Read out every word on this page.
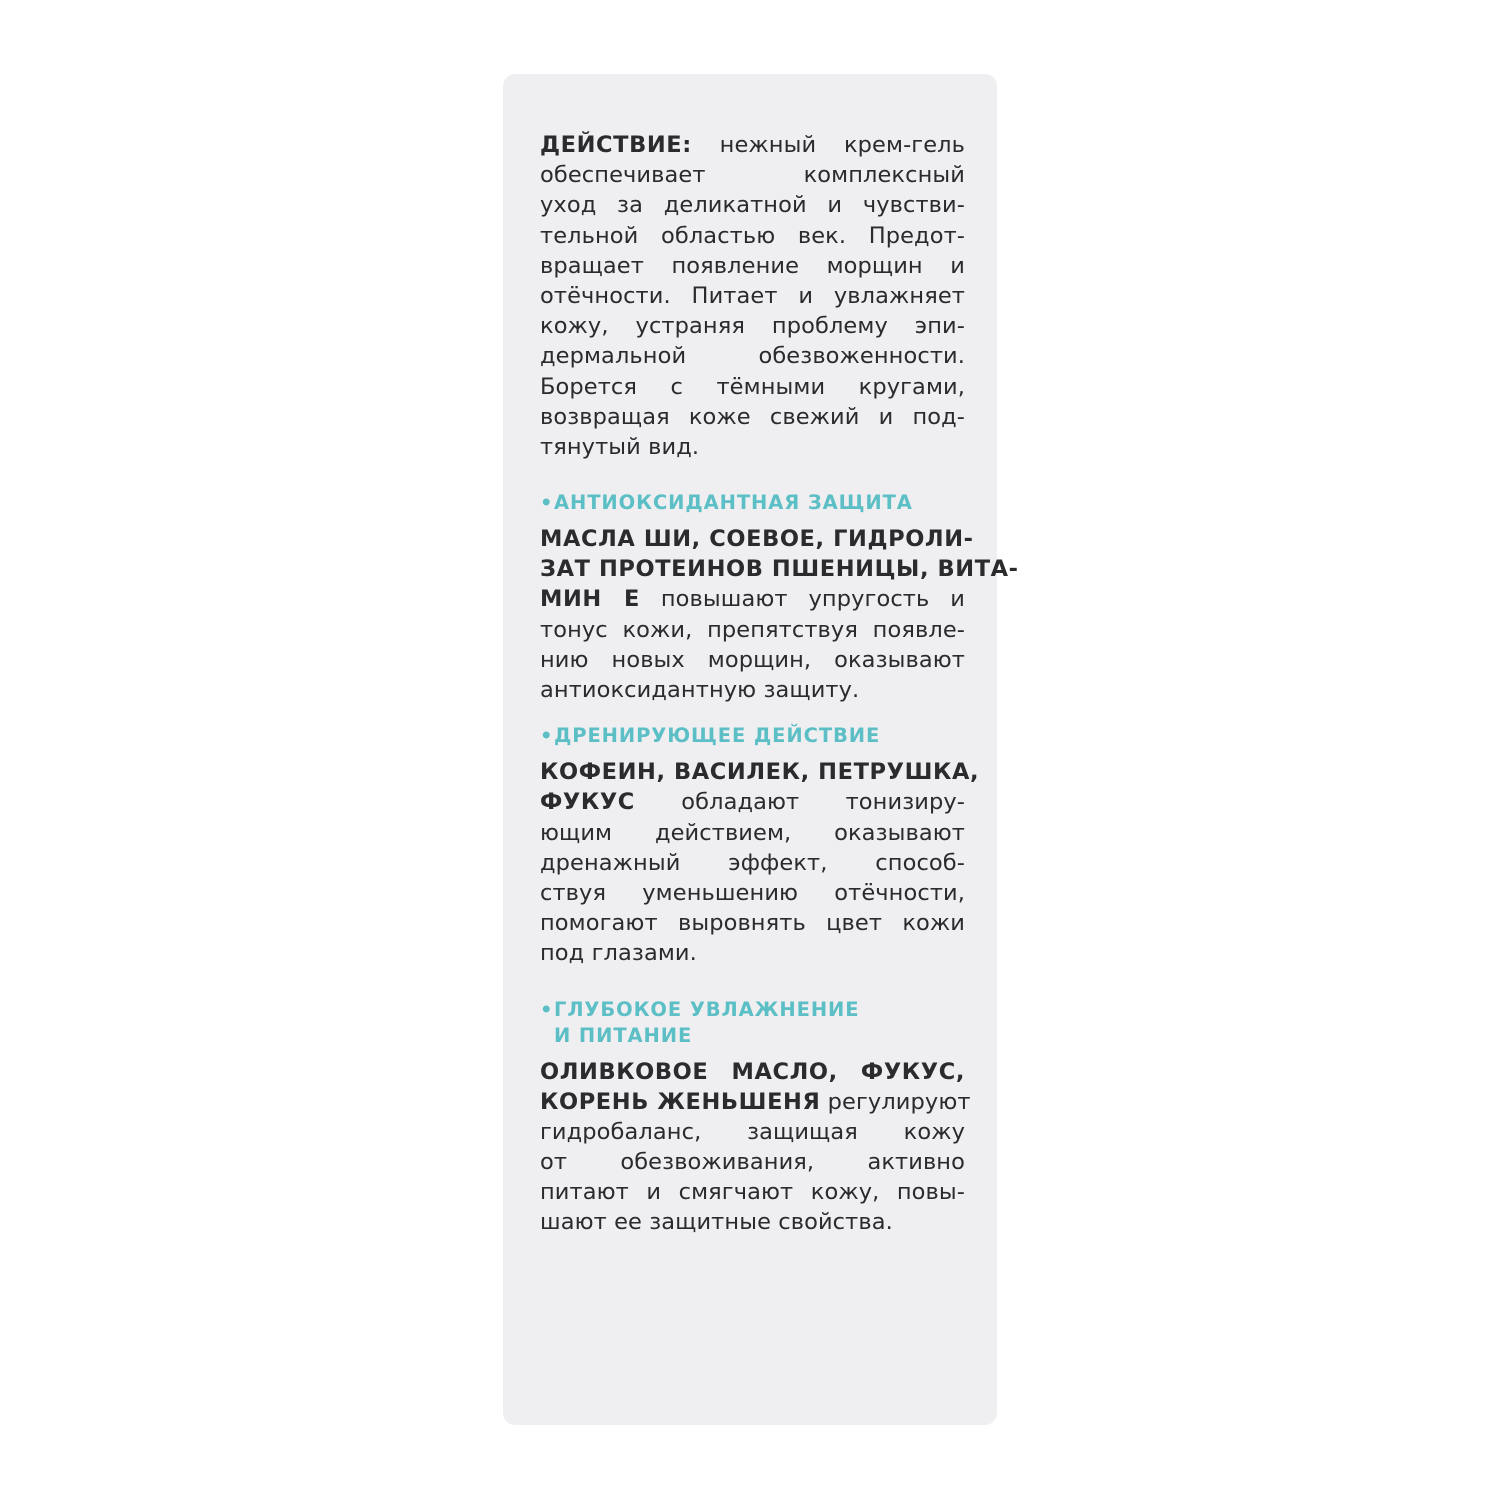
ДЕЙСТВИЕ: нежный крем-гель
обеспечивает комплексный
уход за деликатной и чувстви-
тельной областью век. Предот-
вращает появление морщин и
отёчности. Питает и увлажняет
кожу, устраняя проблему эпи-
дермальной обезвоженности.
Борется с тёмными кругами,
возвращая коже свежий и под-
тянутый вид.
•АНТИОКСИДАНТНАЯ ЗАЩИТА
МАСЛА ШИ, СОЕВОЕ, ГИДРОЛИ-
ЗАТ ПРОТЕИНОВ ПШЕНИЦЫ, ВИТА-
МИН Е повышают упругость и
тонус кожи, препятствуя появле-
нию новых морщин, оказывают
антиоксидантную защиту.
•ДРЕНИРУЮЩЕЕ ДЕЙСТВИЕ
КОФЕИН, ВАСИЛЕК, ПЕТРУШКА,
ФУКУС обладают тонизиру-
ющим действием, оказывают
дренажный эффект, способ-
ствуя уменьшению отёчности,
помогают выровнять цвет кожи
под глазами.
•ГЛУБОКОЕ УВЛАЖНЕНИЕ
И ПИТАНИЕ
ОЛИВКОВОЕ МАСЛО, ФУКУС,
КОРЕНЬ ЖЕНЬШЕНЯ регулируют
гидробаланс, защищая кожу
от обезвоживания, активно
питают и смягчают кожу, повы-
шают ее защитные свойства.
